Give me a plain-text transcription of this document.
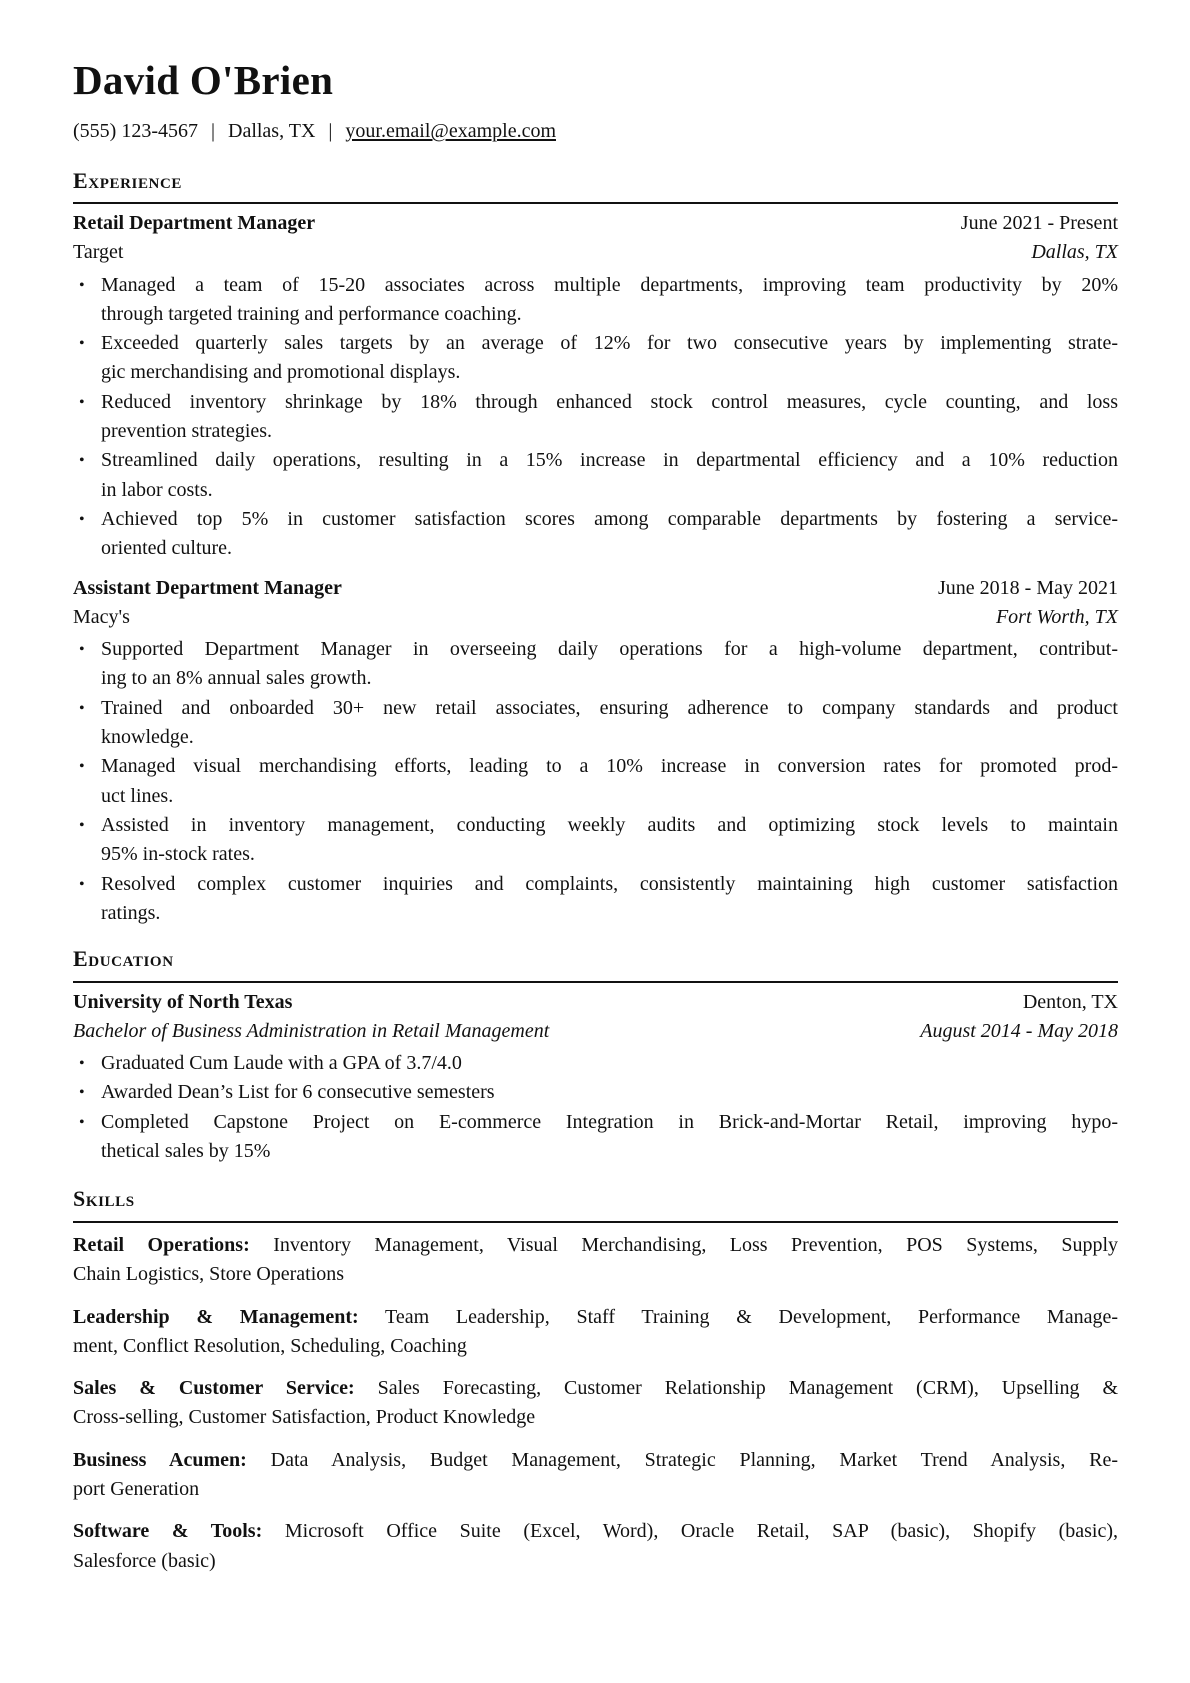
David O'Brien
(555) 123-4567 | Dallas, TX | your.email@example.com
Experience
Retail Department Manager	June 2021 - Present
Target	Dallas, TX
• Managed a team of 15-20 associates across multiple departments, improving team productivity by 20%
through targeted training and performance coaching.
• Exceeded quarterly sales targets by an average of 12% for two consecutive years by implementing strate-
gic merchandising and promotional displays.
• Reduced inventory shrinkage by 18% through enhanced stock control measures, cycle counting, and loss
prevention strategies.
• Streamlined daily operations, resulting in a 15% increase in departmental efficiency and a 10% reduction
in labor costs.
• Achieved top 5% in customer satisfaction scores among comparable departments by fostering a service-
oriented culture.
Assistant Department Manager	June 2018 - May 2021
Macy's	Fort Worth, TX
• Supported Department Manager in overseeing daily operations for a high-volume department, contribut-
ing to an 8% annual sales growth.
• Trained and onboarded 30+ new retail associates, ensuring adherence to company standards and product
knowledge.
• Managed visual merchandising efforts, leading to a 10% increase in conversion rates for promoted prod-
uct lines.
• Assisted in inventory management, conducting weekly audits and optimizing stock levels to maintain
95% in-stock rates.
• Resolved complex customer inquiries and complaints, consistently maintaining high customer satisfaction
ratings.
Education
University of North Texas	Denton, TX
Bachelor of Business Administration in Retail Management	August 2014 - May 2018
• Graduated Cum Laude with a GPA of 3.7/4.0
• Awarded Dean’s List for 6 consecutive semesters
• Completed Capstone Project on E-commerce Integration in Brick-and-Mortar Retail, improving hypo-
thetical sales by 15%
Skills
Retail Operations: Inventory Management, Visual Merchandising, Loss Prevention, POS Systems, Supply
Chain Logistics, Store Operations
Leadership & Management: Team Leadership, Staff Training & Development, Performance Manage-
ment, Conflict Resolution, Scheduling, Coaching
Sales & Customer Service: Sales Forecasting, Customer Relationship Management (CRM), Upselling &
Cross-selling, Customer Satisfaction, Product Knowledge
Business Acumen: Data Analysis, Budget Management, Strategic Planning, Market Trend Analysis, Re-
port Generation
Software & Tools: Microsoft Office Suite (Excel, Word), Oracle Retail, SAP (basic), Shopify (basic),
Salesforce (basic)
